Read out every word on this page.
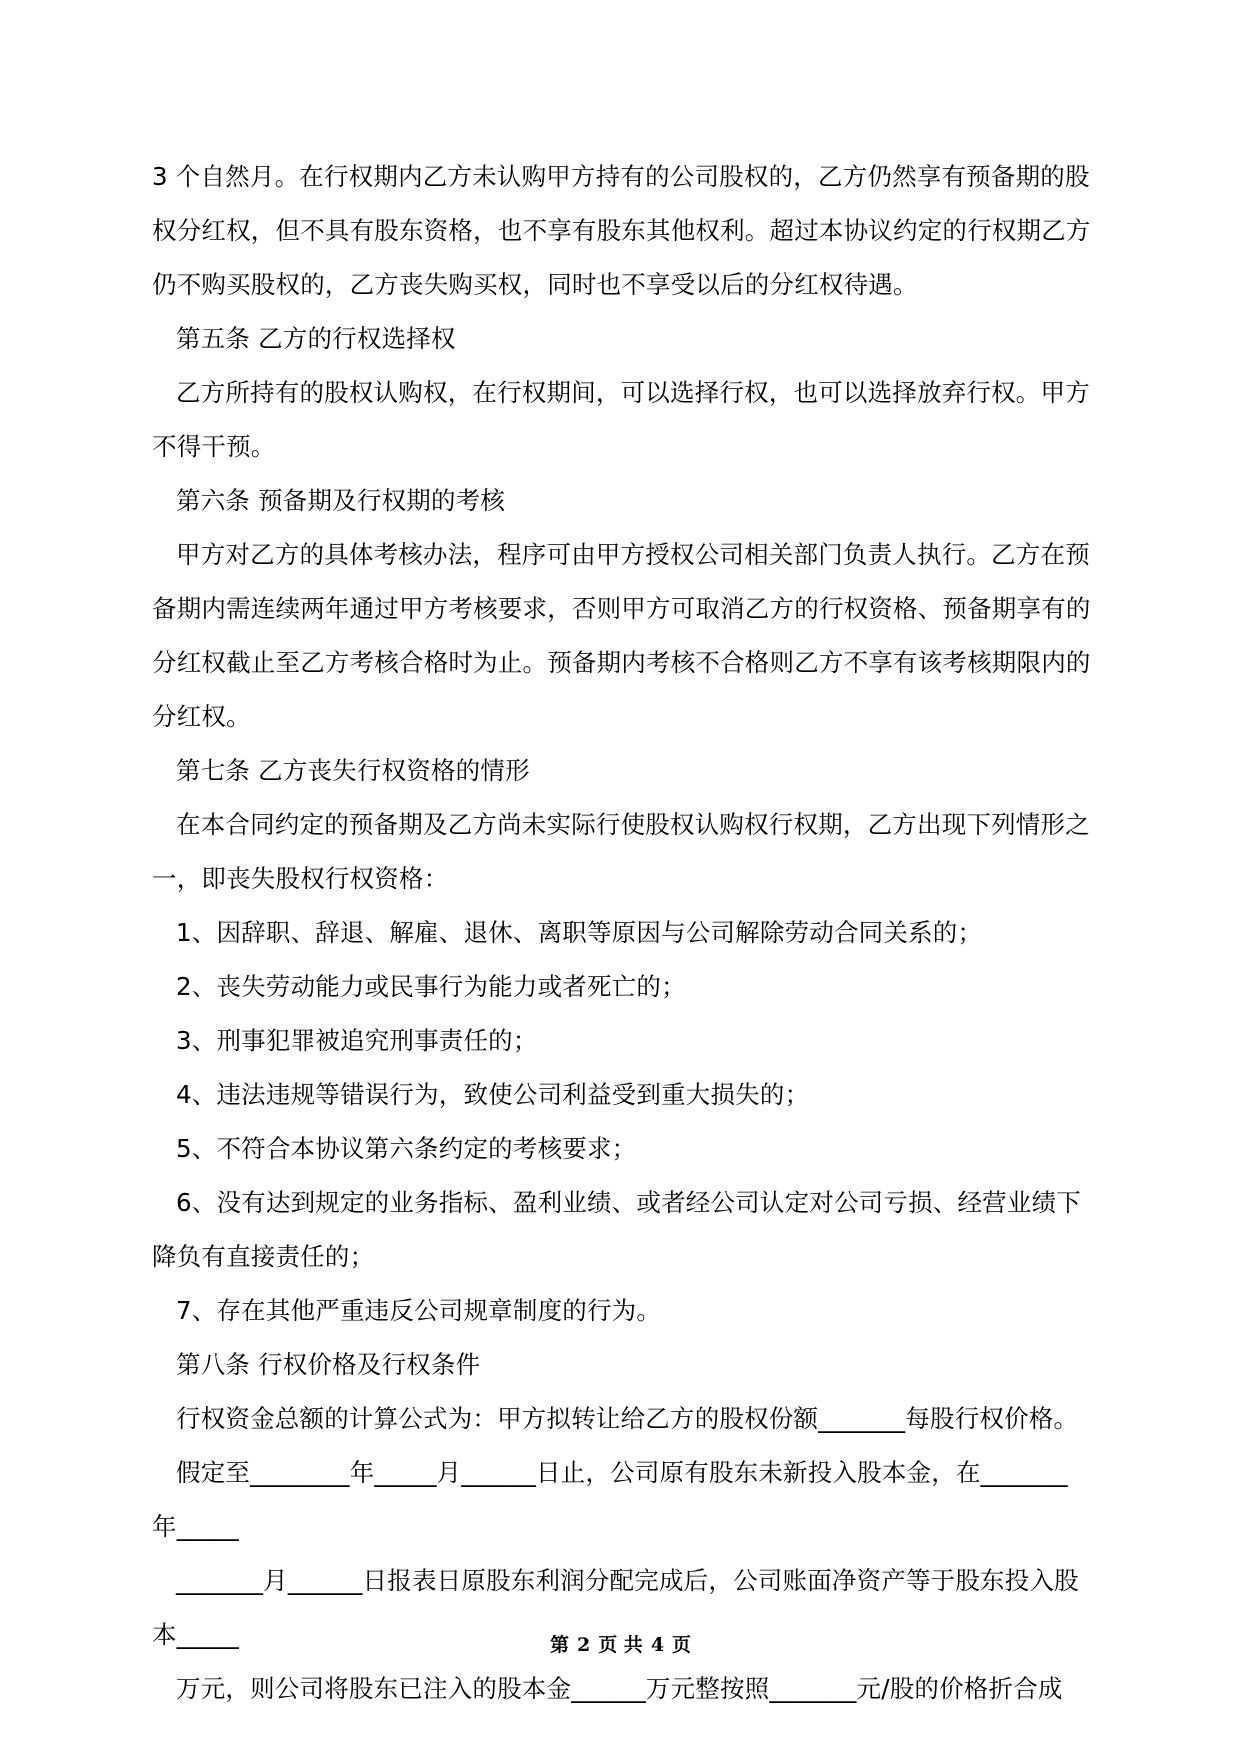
3 个自然月。在行权期内乙方未认购甲方持有的公司股权的，乙方仍然享有预备期的股

权分红权，但不具有股东资格，也不享有股东其他权利。超过本协议约定的行权期乙方

仍不购买股权的，乙方丧失购买权，同时也不享受以后的分红权待遇。

第五条 乙方的行权选择权

乙方所持有的股权认购权，在行权期间，可以选择行权，也可以选择放弃行权。甲方

不得干预。

第六条 预备期及行权期的考核

甲方对乙方的具体考核办法，程序可由甲方授权公司相关部门负责人执行。乙方在预

备期内需连续两年通过甲方考核要求，否则甲方可取消乙方的行权资格、预备期享有的

分红权截止至乙方考核合格时为止。预备期内考核不合格则乙方不享有该考核期限内的

分红权。

第七条 乙方丧失行权资格的情形

在本合同约定的预备期及乙方尚未实际行使股权认购权行权期，乙方出现下列情形之

一，即丧失股权行权资格：

1、因辞职、辞退、解雇、退休、离职等原因与公司解除劳动合同关系的；

2、丧失劳动能力或民事行为能力或者死亡的；

3、刑事犯罪被追究刑事责任的；

4、违法违规等错误行为，致使公司利益受到重大损失的；

5、不符合本协议第六条约定的考核要求；

6、没有达到规定的业务指标、盈利业绩、或者经公司认定对公司亏损、经营业绩下

降负有直接责任的；

7、存在其他严重违反公司规章制度的行为。

第八条 行权价格及行权条件

行权资金总额的计算公式为：甲方拟转让给乙方的股权份额_______每股行权价格。

假定至________年_____月______日止，公司原有股东未新投入股本金，在_______

年_____

_______月______日报表日原股东利润分配完成后，公司账面净资产等于股东投入股

本_____

万元，则公司将股东已注入的股本金______万元整按照_______元/股的价格折合成

第 2 页 共 4 页
